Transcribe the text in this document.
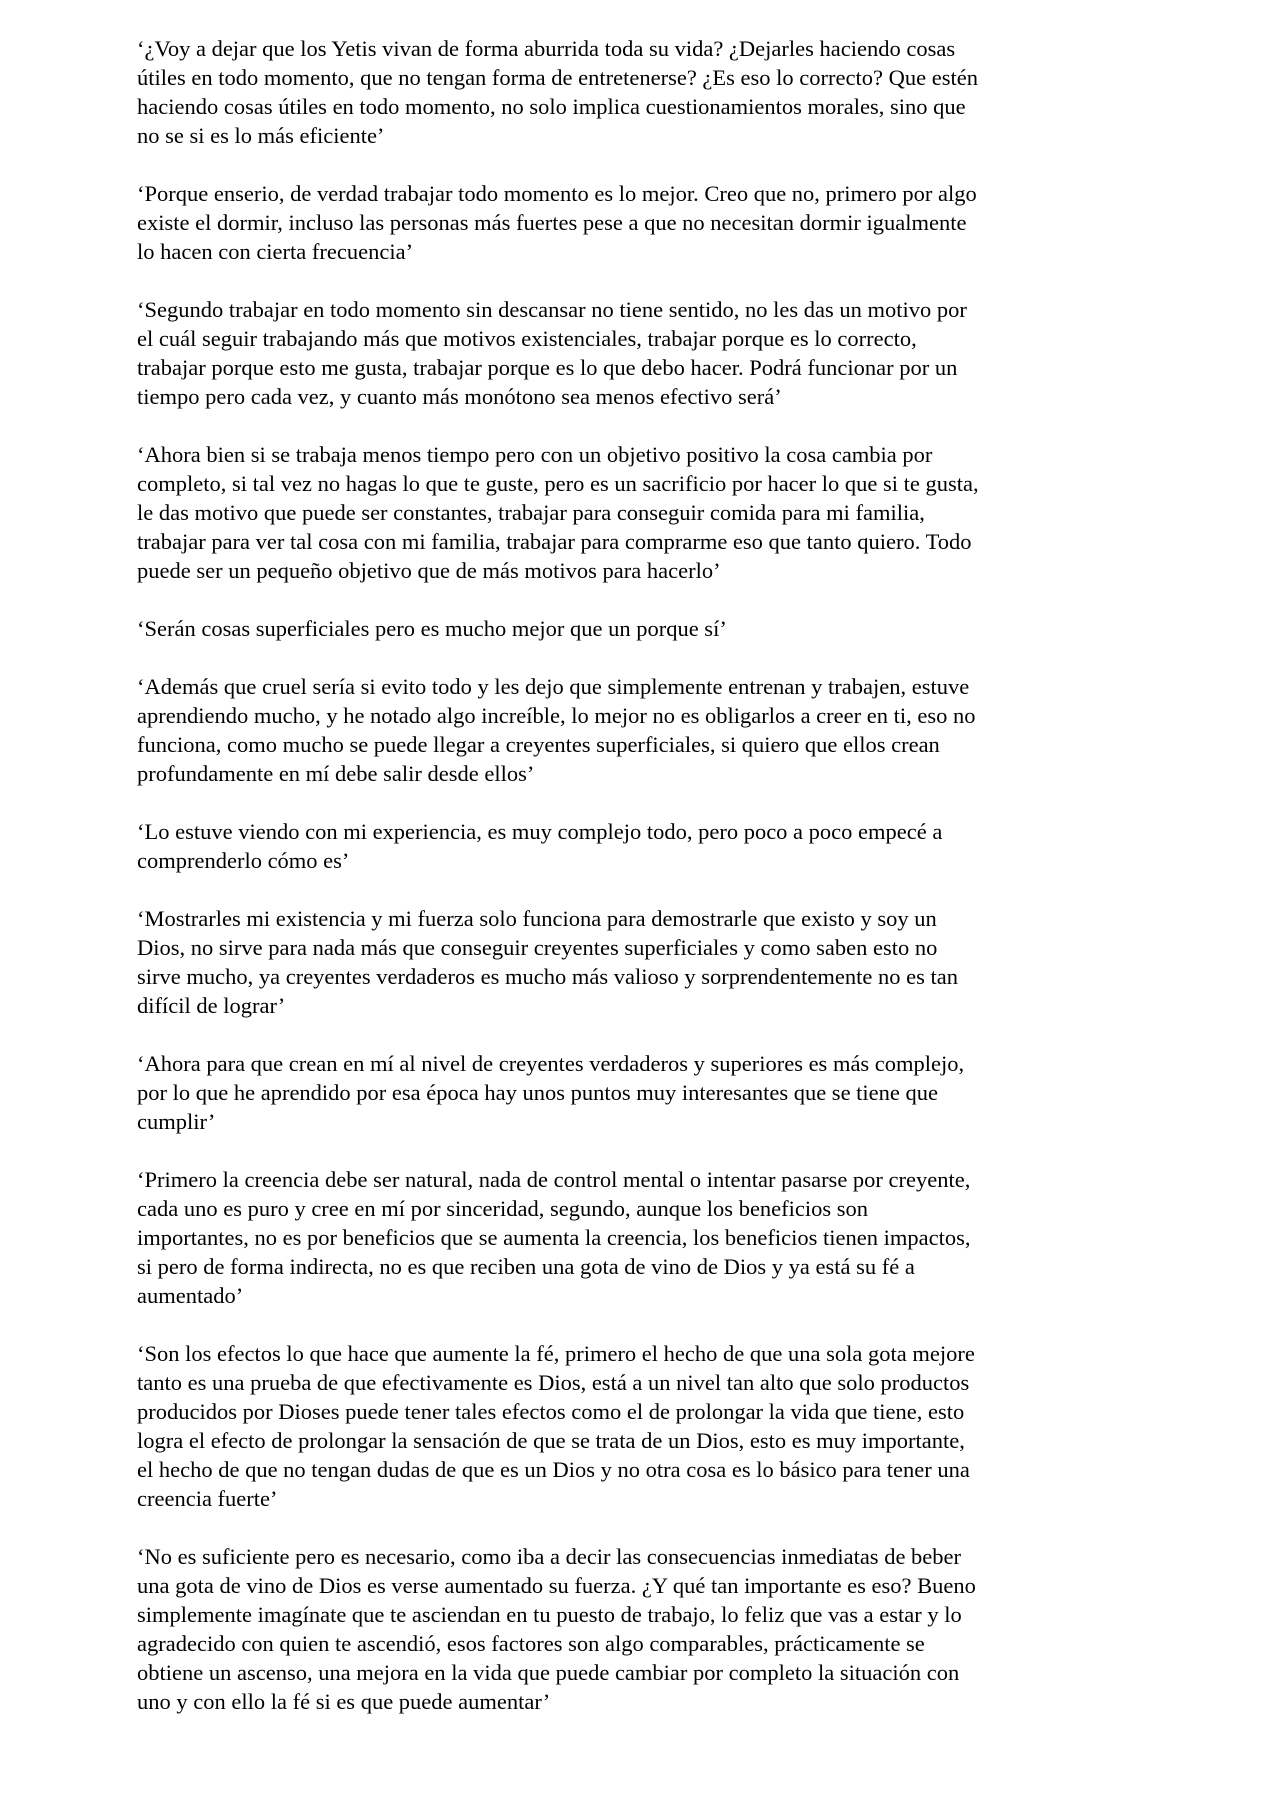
‘¿Voy a dejar que los Yetis vivan de forma aburrida toda su vida? ¿Dejarles haciendo cosas útiles en todo momento, que no tengan forma de entretenerse? ¿Es eso lo correcto? Que estén haciendo cosas útiles en todo momento, no solo implica cuestionamientos morales, sino que no se si es lo más eficiente’

‘Porque enserio, de verdad trabajar todo momento es lo mejor. Creo que no, primero por algo existe el dormir, incluso las personas más fuertes pese a que no necesitan dormir igualmente lo hacen con cierta frecuencia’

‘Segundo trabajar en todo momento sin descansar no tiene sentido, no les das un motivo por el cuál seguir trabajando más que motivos existenciales, trabajar porque es lo correcto, trabajar porque esto me gusta, trabajar porque es lo que debo hacer. Podrá funcionar por un tiempo pero cada vez, y cuanto más monótono sea menos efectivo será’

‘Ahora bien si se trabaja menos tiempo pero con un objetivo positivo la cosa cambia por completo, si tal vez no hagas lo que te guste, pero es un sacrificio por hacer lo que si te gusta, le das motivo que puede ser constantes, trabajar para conseguir comida para mi familia, trabajar para ver tal cosa con mi familia, trabajar para comprarme eso que tanto quiero. Todo puede ser un pequeño objetivo que de más motivos para hacerlo’

‘Serán cosas superficiales pero es mucho mejor que un porque sí’

‘Además que cruel sería si evito todo y les dejo que simplemente entrenan y trabajen, estuve aprendiendo mucho, y he notado algo increíble, lo mejor no es obligarlos a creer en ti, eso no funciona, como mucho se puede llegar a creyentes superficiales, si quiero que ellos crean profundamente en mí debe salir desde ellos’

‘Lo estuve viendo con mi experiencia, es muy complejo todo, pero poco a poco empecé a comprenderlo cómo es’

‘Mostrarles mi existencia y mi fuerza solo funciona para demostrarle que existo y soy un Dios, no sirve para nada más que conseguir creyentes superficiales y como saben esto no sirve mucho, ya creyentes verdaderos es mucho más valioso y sorprendentemente no es tan difícil de lograr’

‘Ahora para que crean en mí al nivel de creyentes verdaderos y superiores es más complejo, por lo que he aprendido por esa época hay unos puntos muy interesantes que se tiene que cumplir’

‘Primero la creencia debe ser natural, nada de control mental o intentar pasarse por creyente, cada uno es puro y cree en mí por sinceridad, segundo, aunque los beneficios son importantes, no es por beneficios que se aumenta la creencia, los beneficios tienen impactos, si pero de forma indirecta, no es que reciben una gota de vino de Dios y ya está su fé a aumentado’

‘Son los efectos lo que hace que aumente la fé, primero el hecho de que una sola gota mejore tanto es una prueba de que efectivamente es Dios, está a un nivel tan alto que solo productos producidos por Dioses puede tener tales efectos como el de prolongar la vida que tiene, esto logra el efecto de prolongar la sensación de que se trata de un Dios, esto es muy importante, el hecho de que no tengan dudas de que es un Dios y no otra cosa es lo básico para tener una creencia fuerte’

‘No es suficiente pero es necesario, como iba a decir las consecuencias inmediatas de beber una gota de vino de Dios es verse aumentado su fuerza. ¿Y qué tan importante es eso? Bueno simplemente imagínate que te asciendan en tu puesto de trabajo, lo feliz que vas a estar y lo agradecido con quien te ascendió, esos factores son algo comparables, prácticamente se obtiene un ascenso, una mejora en la vida que puede cambiar por completo la situación con uno y con ello la fé si es que puede aumentar’
